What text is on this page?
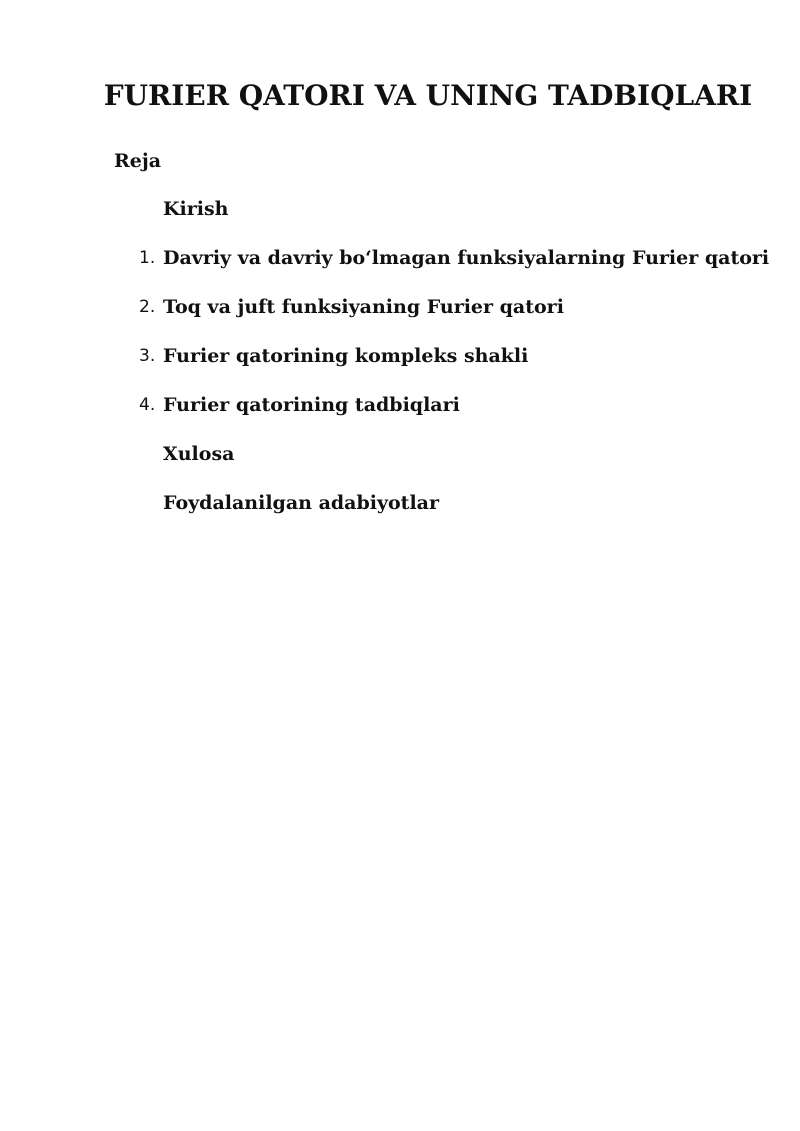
FURIER QATORI VA UNING TADBIQLARI

Reja

Kirish
1. Davriy va davriy boʻlmagan funksiyalarning Furier qatori
2. Toq va juft funksiyaning Furier qatori
3. Furier qatorining kompleks shakli
4. Furier qatorining tadbiqlari
Xulosa
Foydalanilgan adabiyotlar
